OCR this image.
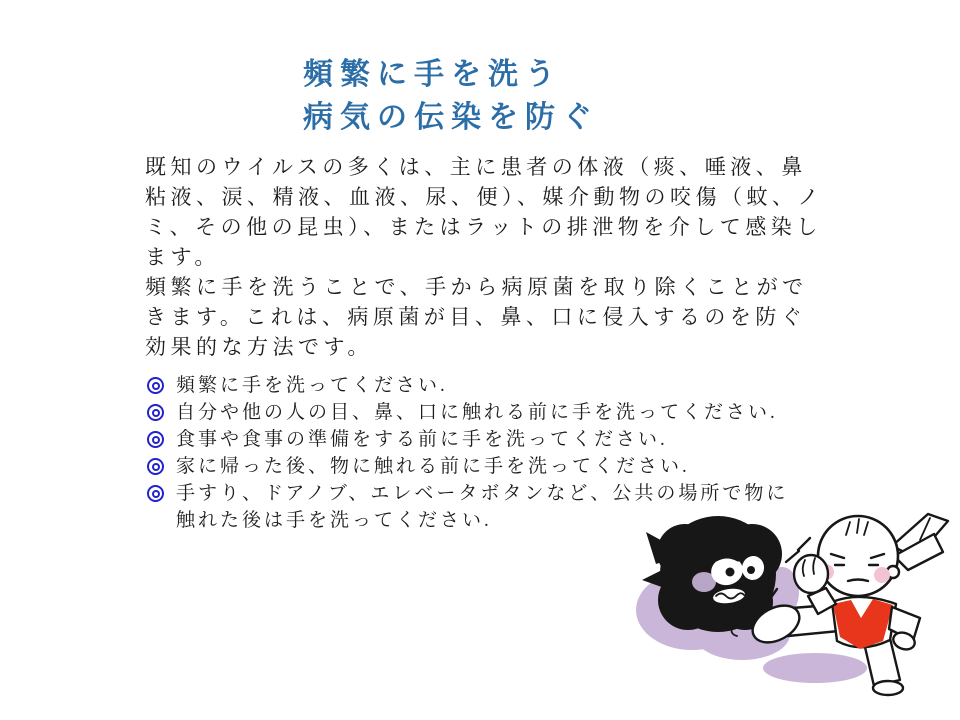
頻繁に手を洗う
病気の伝染を防ぐ

既知のウイルスの多くは、主に患者の体液（痰、唾液、鼻粘液、涙、精液、血液、尿、便）、媒介動物の咬傷（蚊、ノミ、その他の昆虫）、またはラットの排泄物を介して感染します。

頻繁に手を洗うことで、手から病原菌を取り除くことができます。これは、病原菌が目、鼻、口に侵入するのを防ぐ効果的な方法です。

頻繁に手を洗ってください.
自分や他の人の目、鼻、口に触れる前に手を洗ってください.
食事や食事の準備をする前に手を洗ってください.
家に帰った後、物に触れる前に手を洗ってください.
手すり、ドアノブ、エレベータボタンなど、公共の場所で物に触れた後は手を洗ってください.
